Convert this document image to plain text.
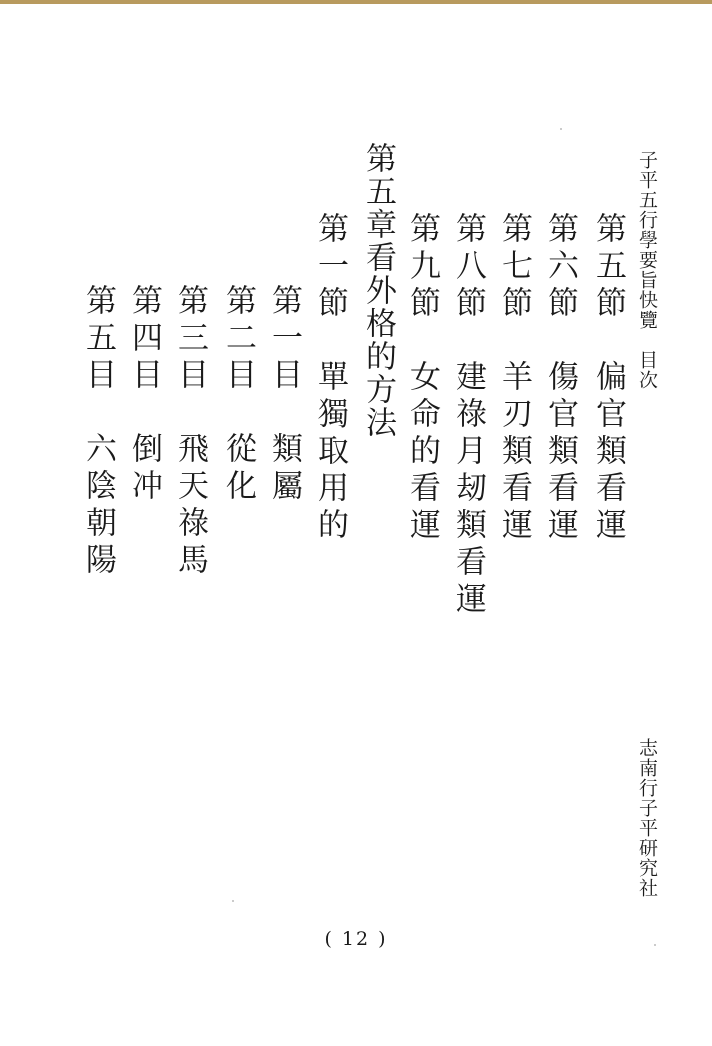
子平五行學要旨快覽　目次
志南行子平研究社
第五節　偏官類看運
第六節　傷官類看運
第七節　羊刃類看運
第八節　建祿月刼類看運
第九節　女命的看運
第五章看外格的方法
第一節　單獨取用的
第一目　類屬
第二目　從化
第三目　飛天祿馬
第四目　倒冲
第五目　六陰朝陽
( 12 )
